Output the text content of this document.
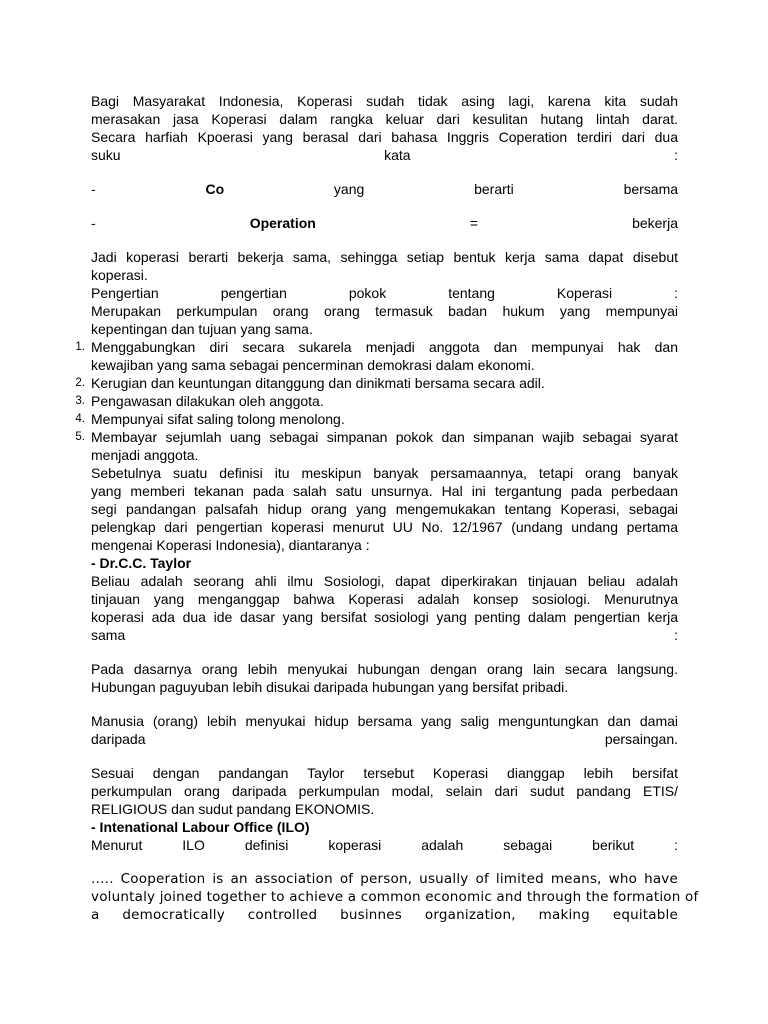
Bagi Masyarakat Indonesia, Koperasi sudah tidak asing lagi, karena kita sudah
merasakan jasa Koperasi dalam rangka keluar dari kesulitan hutang lintah darat.
Secara harfiah Kpoerasi yang berasal dari bahasa Inggris Coperation terdiri dari dua
suku	kata	:
- Co yang	berarti	bersama
- Operation =	bekerja
Jadi koperasi berarti bekerja sama, sehingga setiap bentuk kerja sama dapat disebut
koperasi.
Pengertian	pengertian	pokok	tentang	Koperasi	:
Merupakan perkumpulan orang orang termasuk badan hukum yang mempunyai
kepentingan dan tujuan yang sama.
1. Menggabungkan diri secara sukarela menjadi anggota dan mempunyai hak dan
kewajiban yang sama sebagai pencerminan demokrasi dalam ekonomi.
2. Kerugian dan keuntungan ditanggung dan dinikmati bersama secara adil.
3. Pengawasan dilakukan oleh anggota.
4. Mempunyai sifat saling tolong menolong.
5. Membayar sejumlah uang sebagai simpanan pokok dan simpanan wajib sebagai syarat
menjadi anggota.
Sebetulnya suatu definisi itu meskipun banyak persamaannya, tetapi orang banyak
yang memberi tekanan pada salah satu unsurnya. Hal ini tergantung pada perbedaan
segi pandangan palsafah hidup orang yang mengemukakan tentang Koperasi, sebagai
pelengkap dari pengertian koperasi menurut UU No. 12/1967 (undang undang pertama
mengenai Koperasi Indonesia), diantaranya :
- Dr.C.C. Taylor
Beliau adalah seorang ahli ilmu Sosiologi, dapat diperkirakan tinjauan beliau adalah
tinjauan yang menganggap bahwa Koperasi adalah konsep sosiologi. Menurutnya
koperasi ada dua ide dasar yang bersifat sosiologi yang penting dalam pengertian kerja
sama	:
Pada dasarnya orang lebih menyukai hubungan dengan orang lain secara langsung.
Hubungan paguyuban lebih disukai daripada hubungan yang bersifat pribadi.
Manusia (orang) lebih menyukai hidup bersama yang salig menguntungkan dan damai
daripada	persaingan.
Sesuai dengan pandangan Taylor tersebut Koperasi dianggap lebih bersifat
perkumpulan orang daripada perkumpulan modal, selain dari sudut pandang ETIS/
RELIGIOUS dan sudut pandang EKONOMIS.
- Intenational Labour Office (ILO)
Menurut	ILO	definisi	koperasi	adalah	sebagai	berikut	:
….. Cooperation is an association of person, usually of limited means, who have
voluntaly joined together to achieve a common economic and through the formation of
a democratically controlled businnes organization, making equitable
